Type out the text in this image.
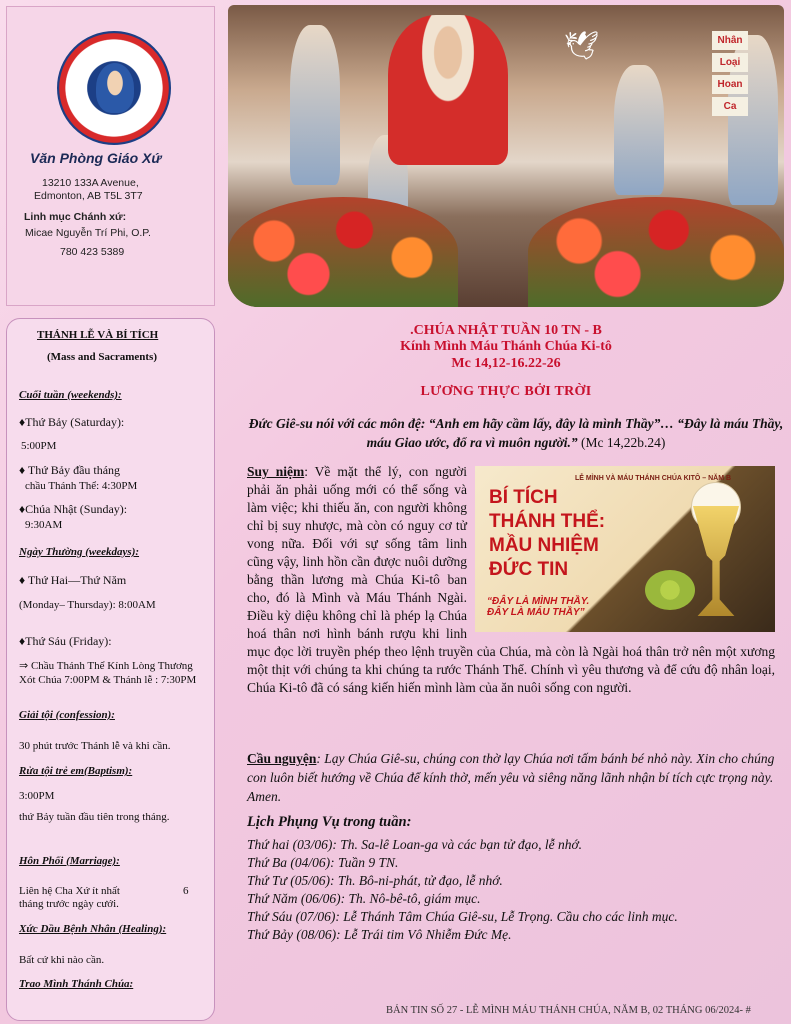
Văn Phòng Giáo Xứ
13210 133A Avenue,
Edmonton, AB T5L 3T7
Linh mục Chánh xứ:
Micae Nguyễn Trí Phi, O.P.
780 423 5389
THÁNH LỄ VÀ BÍ TÍCH
(Mass and Sacraments)
Cuối tuần (weekends):
♦Thứ Bảy (Saturday):
5:00PM
♦ Thứ Bảy đầu tháng
chầu Thánh Thể: 4:30PM
♦Chúa Nhật (Sunday):
9:30AM
Ngày Thường (weekdays):
♦ Thứ Hai—Thứ Năm
(Monday– Thursday): 8:00AM
♦Thứ Sáu (Friday):
⇒ Chầu Thánh Thể Kính Lòng Thương Xót Chúa 7:00PM & Thánh lễ : 7:30PM
Giải tội (confession):
30 phút trước Thánh lễ và khi cần.
Rửa tội trẻ em(Baptism):
3:00PM
thứ Bảy tuần đầu tiên trong tháng.
Hôn Phối (Marriage):
Liên hệ Cha Xứ ít nhất	6
tháng trước ngày cưới.
Xức Dầu Bệnh Nhân (Healing):
Bất cứ khi nào cần.
Trao Mình Thánh Chúa:
🕊	Nhân
Loại
Hoan
Ca
.CHÚA NHẬT TUẦN 10 TN - B
Kính Mình Máu Thánh Chúa Ki-tô
Mc 14,12-16.22-26
LƯƠNG THỰC BỞI TRỜI
Đức Giê-su nói với các môn đệ: “Anh em hãy cầm lấy, đây là mình Thầy”… “Đây là máu Thầy, máu Giao ước, đổ ra vì muôn người.” (Mc 14,22b.24)
LỄ MÌNH VÀ MÁU THÁNH CHÚA KITÔ – NĂM B
BÍ TÍCH
THÁNH THỂ:
MẦU NHIỆM
ĐỨC TIN
“ĐÂY LÀ MÌNH THẦY.
ĐÂY LÀ MÁU THẦY”
Suy niệm: Về mặt thể lý, con người phải ăn phải uống mới có thể sống và làm việc; khi thiếu ăn, con người không chỉ bị suy nhược, mà còn có nguy cơ tử vong nữa. Đối với sự sống tâm linh cũng vậy, linh hồn cần được nuôi dưỡng bằng thần lương mà Chúa Ki-tô ban cho, đó là Mình và Máu Thánh Ngài. Điều kỳ diệu không chỉ là phép lạ Chúa hoá thân nơi hình bánh rượu khi linh mục đọc lời truyền phép theo lệnh truyền của Chúa, mà còn là Ngài hoá thân trở nên một xương một thịt với chúng ta khi chúng ta rước Thánh Thể. Chính vì yêu thương và để cứu độ nhân loại, Chúa Ki-tô đã có sáng kiến hiến mình làm của ăn nuôi sống con người.
Cầu nguyện: Lạy Chúa Giê-su, chúng con thờ lạy Chúa nơi tấm bánh bé nhỏ này. Xin cho chúng con luôn biết hướng về Chúa để kính thờ, mến yêu và siêng năng lãnh nhận bí tích cực trọng này. Amen.
Lịch Phụng Vụ trong tuần:
Thứ hai (03/06): Th. Sa-lê Loan-ga và các bạn tử đạo, lễ nhớ.
Thứ Ba (04/06): Tuần 9 TN.
Thứ Tư (05/06): Th. Bô-ni-phát, tử đạo, lễ nhớ.
Thứ Năm (06/06): Th. Nô-bê-tô, giám mục.
Thứ Sáu (07/06): Lễ Thánh Tâm Chúa Giê-su, Lễ Trọng. Cầu cho các linh mục.
Thứ Bảy (08/06): Lễ Trái tim Vô Nhiễm Đức Mẹ.
BẢN TIN SỐ 27 - LỄ MÌNH MÁU THÁNH CHÚA, NĂM B, 02 THÁNG 06/2024- #
